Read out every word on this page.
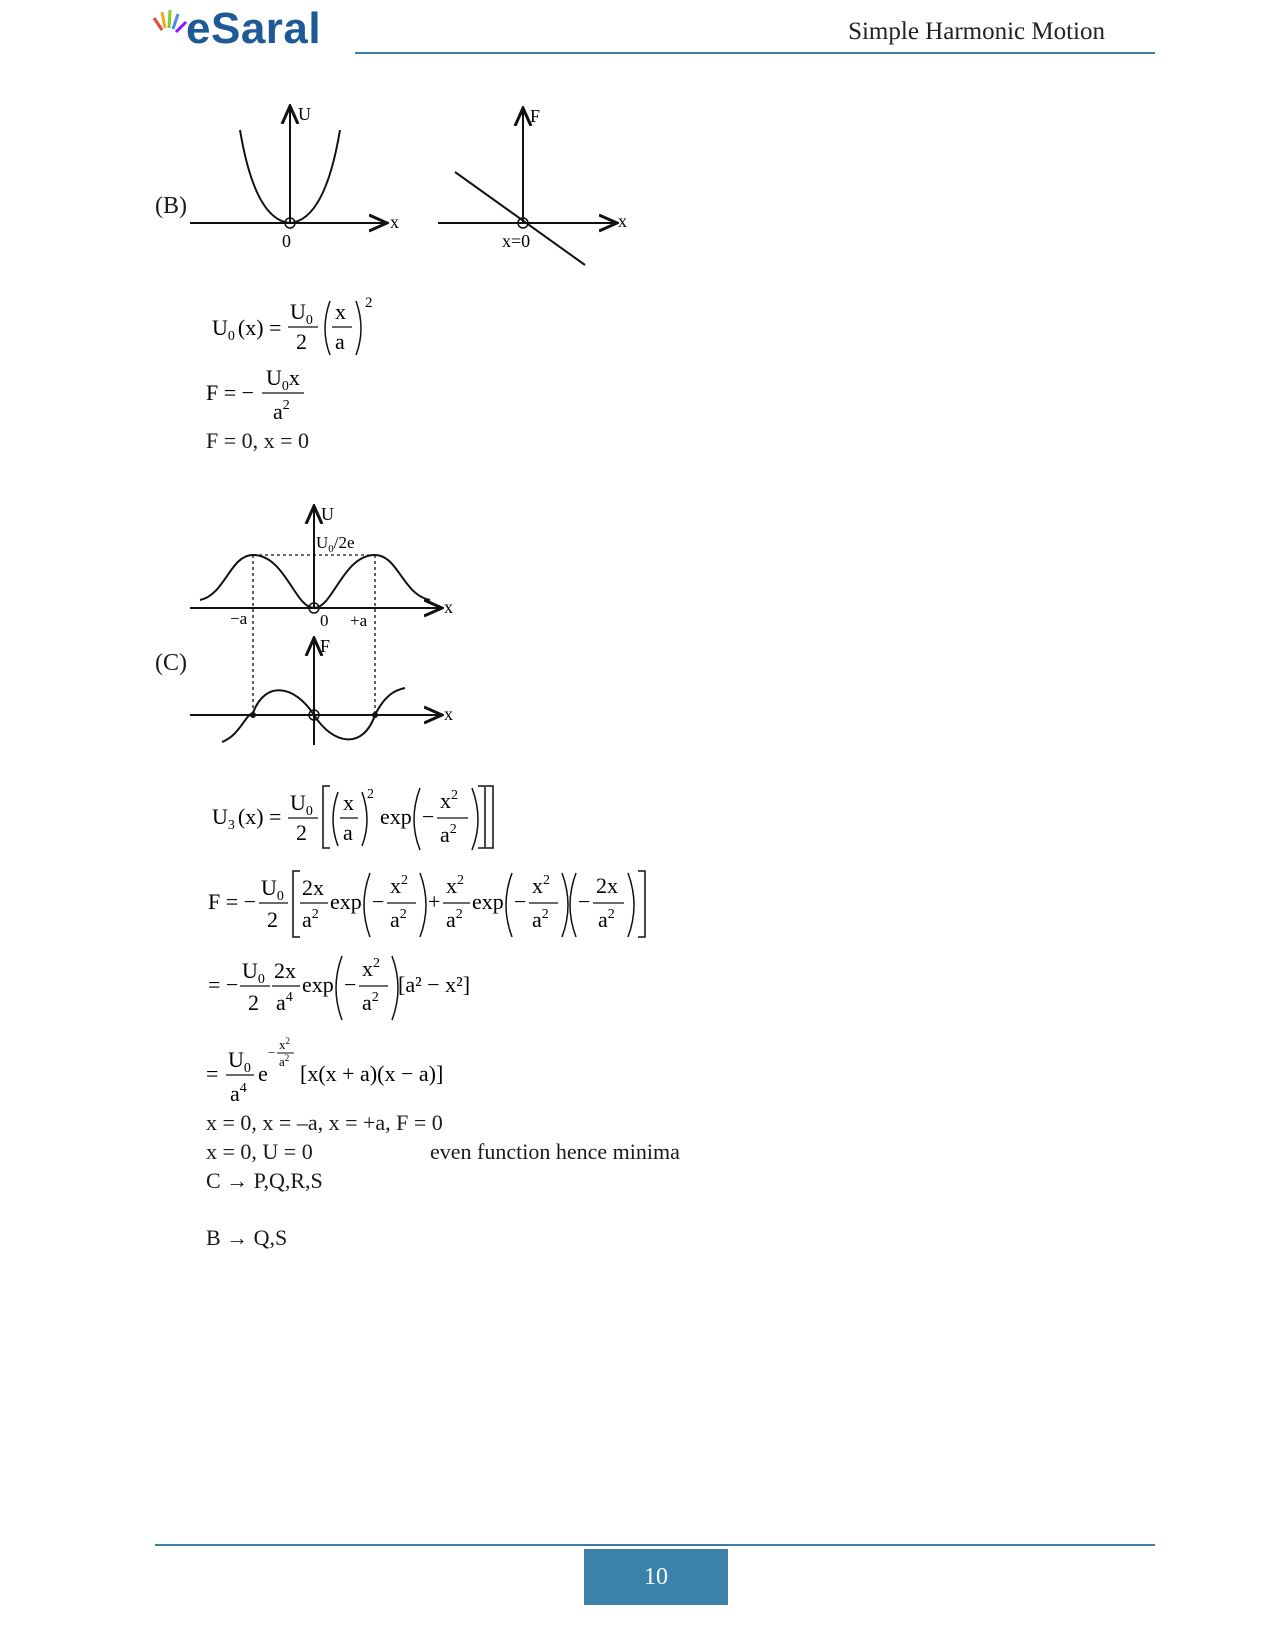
eSaral	Simple Harmonic Motion
(B)
U
x
0
F
x
x=0
$U_0$ (x) =
$U_0$
2
x
a
2
F = −
$U_0x$
$a^2$
F = 0, x = 0
(C)
U
$U_0/2e$
x
−a	0 +a
F
x
$U_3$ (x) =
$U_0$
2
x
a
2
exp −
$x^2$
$a^2$
F = −
$U_0$
2
2x
$a^2$
exp −
$x^2$
$a^2$
+
$x^2$
$a^2$
exp −
$x^2$
$a^2$
−
2x
$a^2$
= −
$U_0$
2
2x
$a^4$
exp −
$x^2$
$a^2$
[a² − x²]
=
$U_0$
$a^4$
e
−
$x^2$
$a^2$
[x(x + a)(x − a)]
x = 0, x = –a, x = +a, F = 0
x = 0, U = 0	even function hence minima
C → P,Q,R,S
B → Q,S
10
